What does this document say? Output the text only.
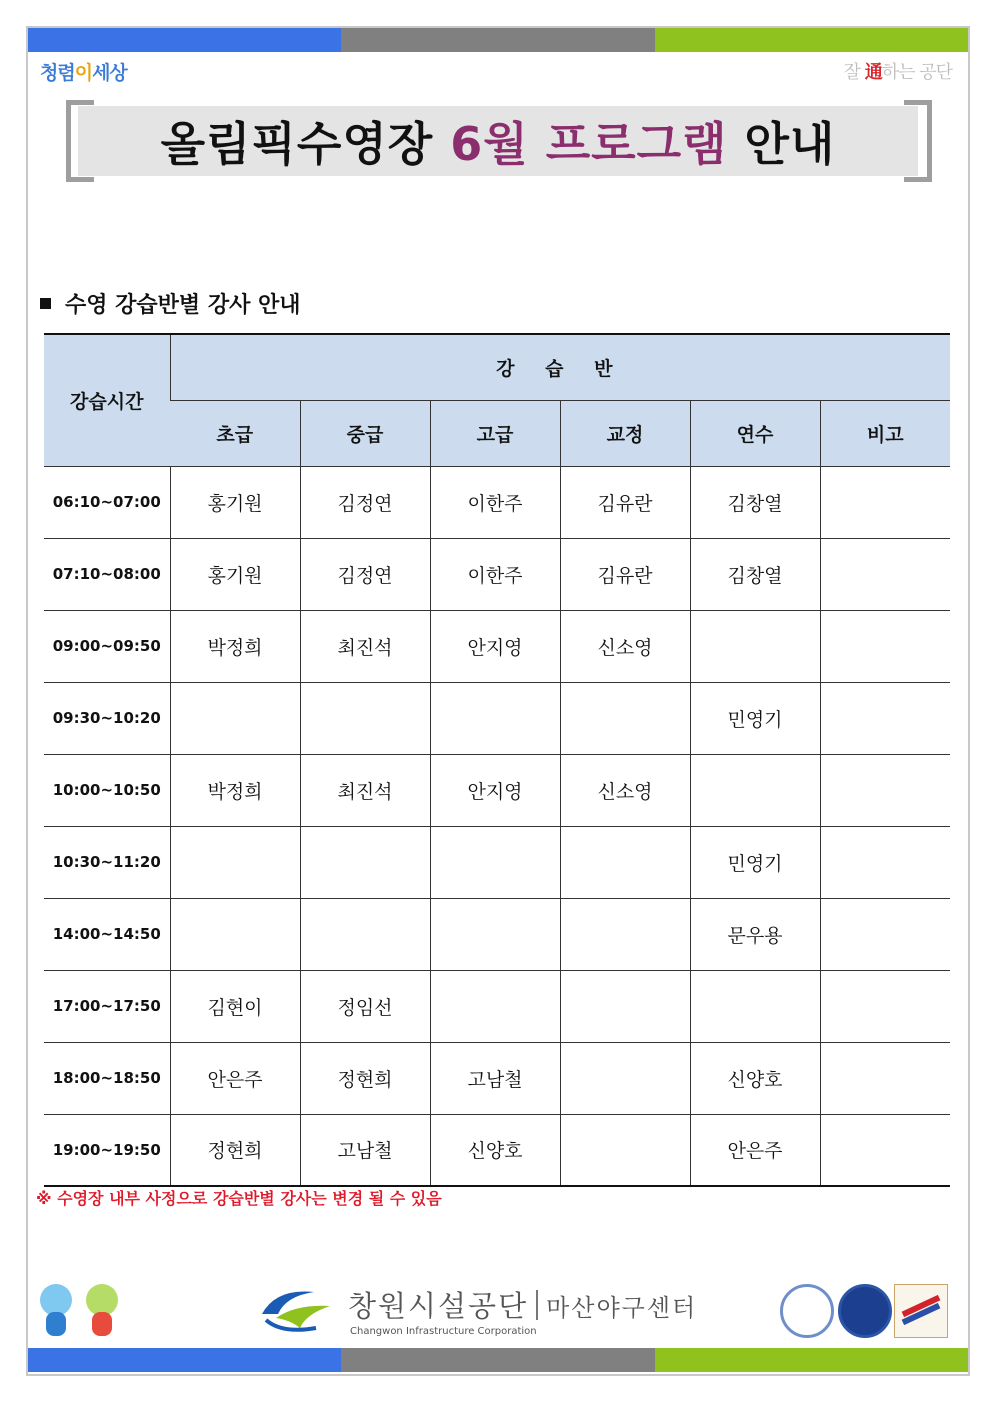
청렴이세상	잘 通하는 공단
올림픽수영장 6월 프로그램 안내
수영 강습반별 강사 안내
강습시간	강 습 반					
	초급	중급	고급	교정	연수	비고
06:10~07:00	홍기원	김정연	이한주	김유란	김창열	
07:10~08:00	홍기원	김정연	이한주	김유란	김창열	
09:00~09:50	박정희	최진석	안지영	신소영		
09:30~10:20					민영기	
10:00~10:50	박정희	최진석	안지영	신소영		
10:30~11:20					민영기	
14:00~14:50					문우용	
17:00~17:50	김현이	정임선				
18:00~18:50	안은주	정현희	고남철		신양호	
19:00~19:50	정현희	고남철	신양호		안은주	
※ 수영장 내부 사정으로 강습반별 강사는 변경 될 수 있음
창원시설공단 마산야구센터
Changwon Infrastructure Corporation
